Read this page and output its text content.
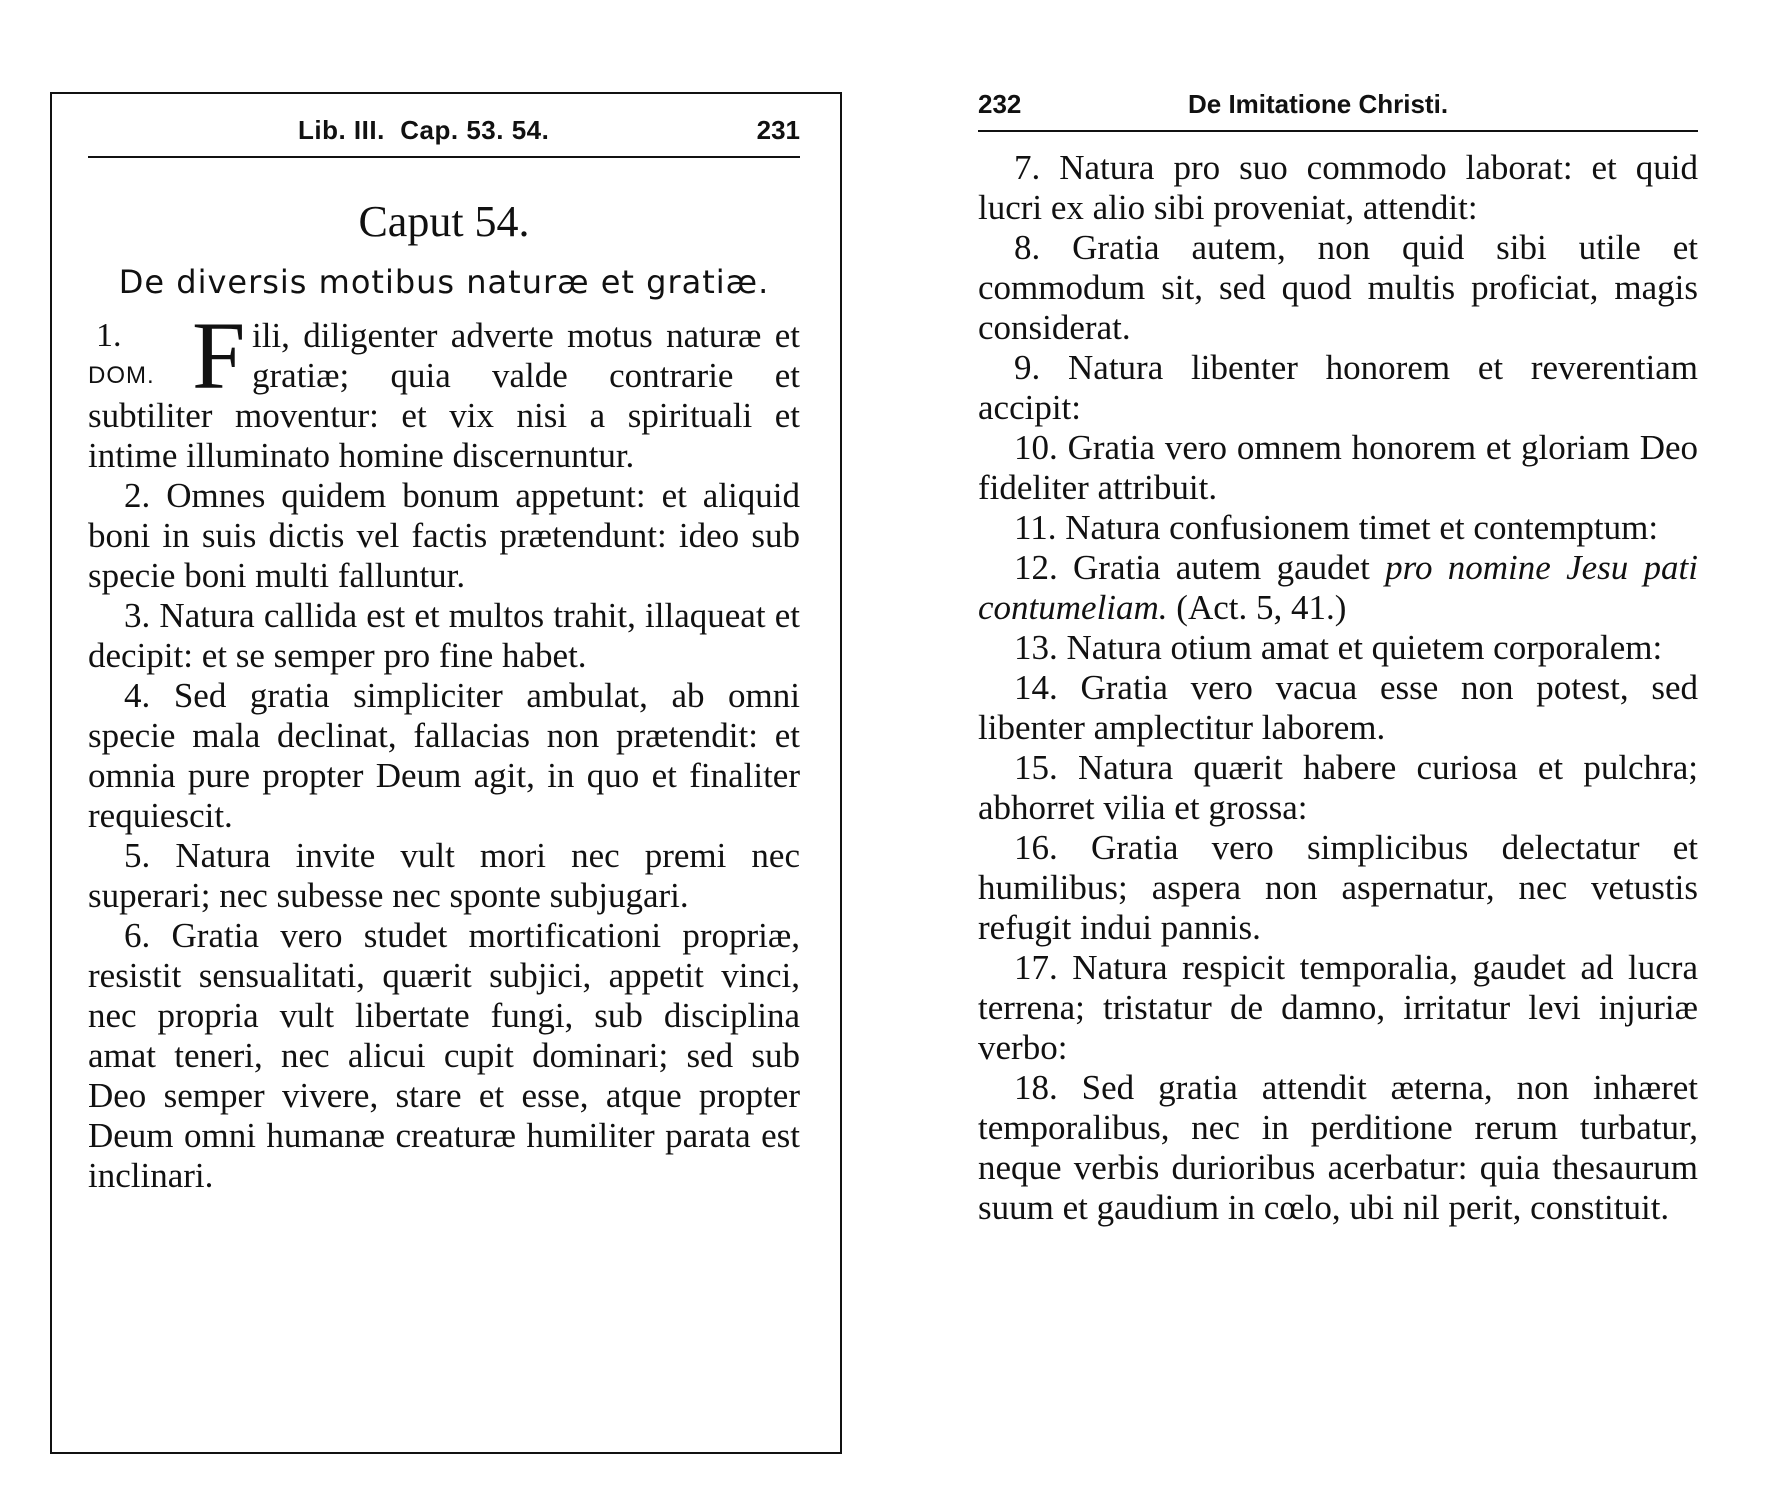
Lib. III.  Cap. 53. 54.	231
Caput 54.
De diversis motibus naturæ et gratiæ.

1.
DOM. F ili, diligenter adverte motus naturæ et gratiæ; quia valde contrarie et subtiliter moventur: et vix nisi a spirituali et intime illuminato homine discernuntur.

2. Omnes quidem bonum appetunt: et aliquid boni in suis dictis vel factis prætendunt: ideo sub specie boni multi falluntur.

3. Natura callida est et multos trahit, illaqueat et decipit: et se semper pro fine habet.

4. Sed gratia simpliciter ambulat, ab omni specie mala declinat, fallacias non prætendit: et omnia pure propter Deum agit, in quo et finaliter requiescit.

5. Natura invite vult mori nec premi nec superari; nec subesse nec sponte subjugari.

6. Gratia vero studet mortificationi propriæ, resistit sensualitati, quærit subjici, appetit vinci, nec propria vult libertate fungi, sub disciplina amat teneri, nec alicui cupit dominari; sed sub Deo semper vivere, stare et esse, atque propter Deum omni humanæ creaturæ humiliter parata est inclinari.

232	De Imitatione Christi.

7. Natura pro suo commodo laborat: et quid lucri ex alio sibi proveniat, attendit:

8. Gratia autem, non quid sibi utile et commodum sit, sed quod multis proficiat, magis considerat.

9. Natura libenter honorem et reverentiam accipit:

10. Gratia vero omnem honorem et gloriam Deo fideliter attribuit.

11. Natura confusionem timet et contemptum:

12. Gratia autem gaudet pro nomine Jesu pati contumeliam. (Act. 5, 41.)

13. Natura otium amat et quietem corporalem:

14. Gratia vero vacua esse non potest, sed libenter amplectitur laborem.

15. Natura quærit habere curiosa et pulchra; abhorret vilia et grossa:

16. Gratia vero simplicibus delectatur et humilibus; aspera non aspernatur, nec vetustis refugit indui pannis.

17. Natura respicit temporalia, gaudet ad lucra terrena; tristatur de damno, irritatur levi injuriæ verbo:

18. Sed gratia attendit æterna, non inhæret temporalibus, nec in perditione rerum turbatur, neque verbis durioribus acerbatur: quia thesaurum suum et gaudium in cœlo, ubi nil perit, constituit.
